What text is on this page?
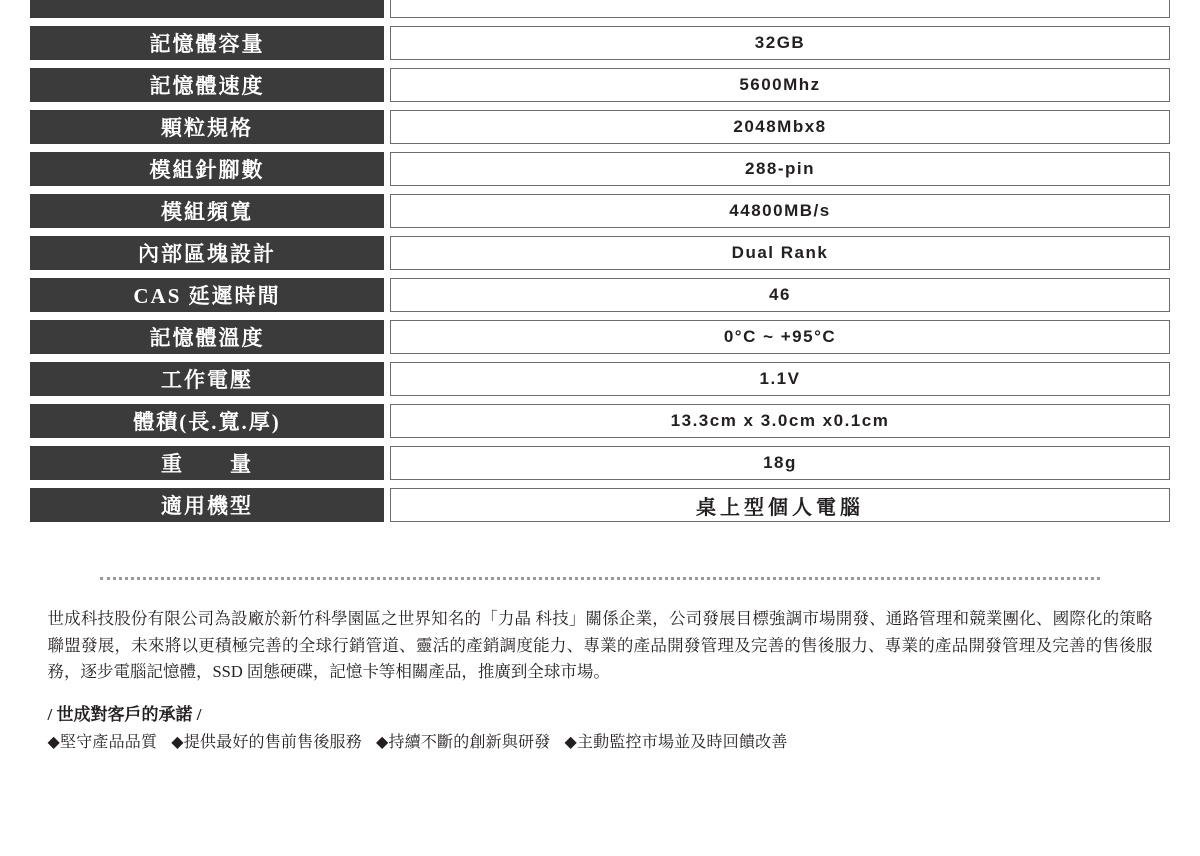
記憶體容量	32GB
記憶體速度	5600Mhz
顆粒規格	2048Mbx8
模組針腳數	288-pin
模組頻寬	44800MB/s
內部區塊設計	Dual Rank
CAS 延遲時間	46
記憶體溫度	0°C ~ +95°C
工作電壓	1.1V
體積(長.寬.厚)	13.3cm x 3.0cm x0.1cm
重　　量	18g
適用機型	桌上型個人電腦

世成科技股份有限公司為設廠於新竹科學園區之世界知名的「力晶 科技」關係企業，公司發展目標強調市場開發、通路管理和競業團化、國際化的策略聯盟發展，未來將以更積極完善的全球行銷管道、靈活的產銷調度能力、專業的產品開發管理及完善的售後服力、專業的產品開發管理及完善的售後服務，逐步電腦記憶體，SSD 固態硬碟，記憶卡等相關產品，推廣到全球市場。

/ 世成對客戶的承諾 /
◆堅守產品品質 ◆提供最好的售前售後服務 ◆持續不斷的創新與研發 ◆主動監控市場並及時回饋改善
